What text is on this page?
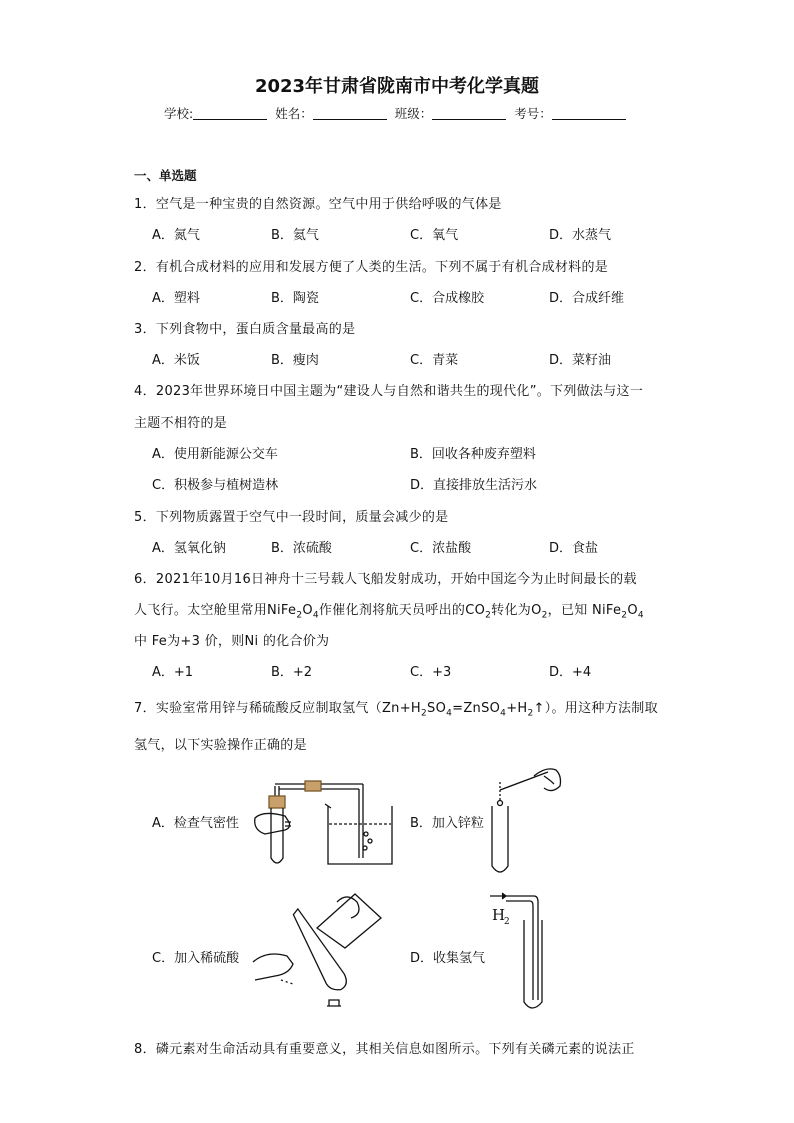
2023年甘肃省陇南市中考化学真题
学校:	姓名：	班级：	考号：
一、单选题
1．空气是一种宝贵的自然资源。空气中用于供给呼吸的气体是
A．氮气	B．氦气	C．氧气	D．水蒸气
2．有机合成材料的应用和发展方便了人类的生活。下列不属于有机合成材料的是
A．塑料	B．陶瓷	C．合成橡胶	D．合成纤维
3．下列食物中，蛋白质含量最高的是
A．米饭	B．瘦肉	C．青菜	D．菜籽油
4．2023年世界环境日中国主题为“建设人与自然和谐共生的现代化”。下列做法与这一
主题不相符的是
A．使用新能源公交车	B．回收各种废弃塑料
C．积极参与植树造林	D．直接排放生活污水
5．下列物质露置于空气中一段时间，质量会减少的是
A．氢氧化钠	B．浓硫酸	C．浓盐酸	D．食盐
6．2021年10月16日神舟十三号载人飞船发射成功，开始中国迄今为止时间最长的载
人飞行。太空舱里常用$NiFe_2O_4$作催化剂将航天员呼出的$CO_2$转化为$O_2$，已知 $NiFe_2O_4$
中 Fe为+3 价，则Ni 的化合价为
A．+1	B．+2	C．+3	D．+4
7．实验室常用锌与稀硫酸反应制取氢气$(Zn+H_2SO_4=ZnSO_4+H_2↑)$。用这种方法制取
氢气，以下实验操作正确的是
A．检查气密性	B．加入锌粒
C．加入稀硫酸	D．收集氢气
H
2
8．磷元素对生命活动具有重要意义，其相关信息如图所示。下列有关磷元素的说法正
